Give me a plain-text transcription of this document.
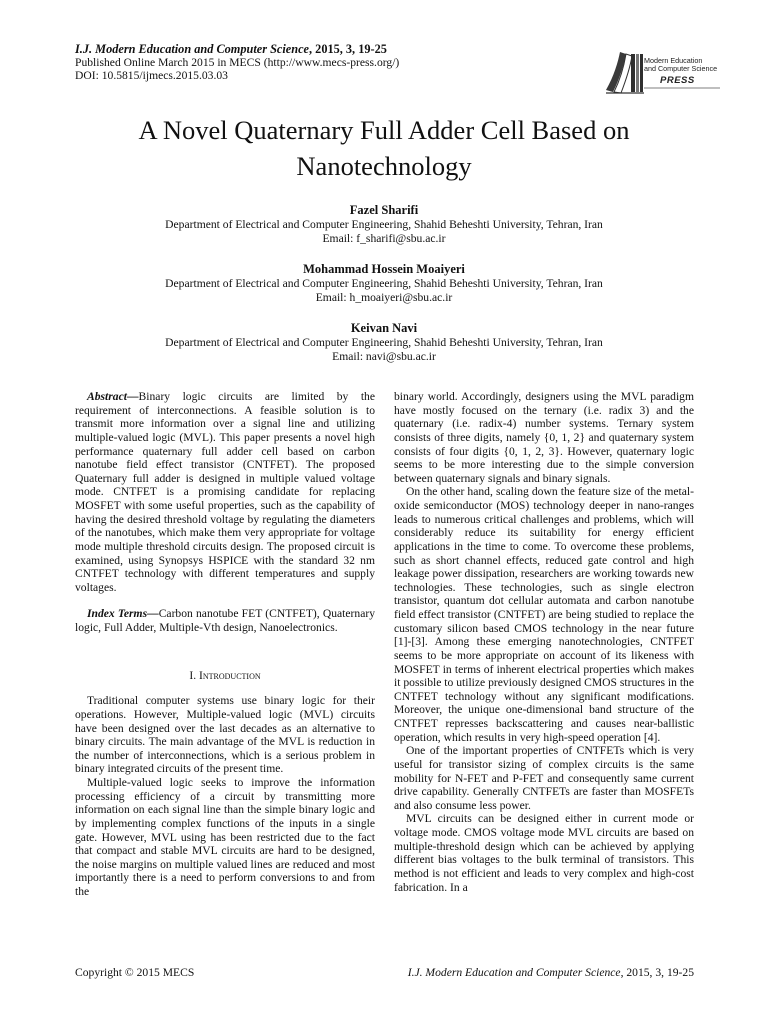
I.J. Modern Education and Computer Science, 2015, 3, 19-25
Published Online March 2015 in MECS (http://www.mecs-press.org/)
DOI: 10.5815/ijmecs.2015.03.03
Modern Education
and Computer Science
PRESS
A Novel Quaternary Full Adder Cell Based on
Nanotechnology
Fazel Sharifi
Department of Electrical and Computer Engineering, Shahid Beheshti University, Tehran, Iran
Email: f_sharifi@sbu.ac.ir
Mohammad Hossein Moaiyeri
Department of Electrical and Computer Engineering, Shahid Beheshti University, Tehran, Iran
Email: h_moaiyeri@sbu.ac.ir
Keivan Navi
Department of Electrical and Computer Engineering, Shahid Beheshti University, Tehran, Iran
Email: navi@sbu.ac.ir

Abstract—Binary logic circuits are limited by the requirement of interconnections. A feasible solution is to transmit more information over a signal line and utilizing multiple-valued logic (MVL). This paper presents a novel high performance quaternary full adder cell based on carbon nanotube field effect transistor (CNTFET). The proposed Quaternary full adder is designed in multiple valued voltage mode. CNTFET is a promising candidate for replacing MOSFET with some useful properties, such as the capability of having the desired threshold voltage by regulating the diameters of the nanotubes, which make them very appropriate for voltage mode multiple threshold circuits design. The proposed circuit is examined, using Synopsys HSPICE with the standard 32 nm CNTFET technology with different temperatures and supply voltages.

Index Terms—Carbon nanotube FET (CNTFET), Quaternary logic, Full Adder, Multiple-Vth design, Nanoelectronics.

I. Introduction

Traditional computer systems use binary logic for their operations. However, Multiple-valued logic (MVL) circuits have been designed over the last decades as an alternative to binary circuits. The main advantage of the MVL is reduction in the number of interconnections, which is a serious problem in binary integrated circuits of the present time.

Multiple-valued logic seeks to improve the information processing efficiency of a circuit by transmitting more information on each signal line than the simple binary logic and by implementing complex functions of the inputs in a single gate. However, MVL using has been restricted due to the fact that compact and stable MVL circuits are hard to be designed, the noise margins on multiple valued lines are reduced and most importantly there is a need to perform conversions to and from the

binary world. Accordingly, designers using the MVL paradigm have mostly focused on the ternary (i.e. radix 3) and the quaternary (i.e. radix-4) number systems. Ternary system consists of three digits, namely {0, 1, 2} and quaternary system consists of four digits {0, 1, 2, 3}. However, quaternary logic seems to be more interesting due to the simple conversion between quaternary signals and binary signals.

On the other hand, scaling down the feature size of the metal-oxide semiconductor (MOS) technology deeper in nano-ranges leads to numerous critical challenges and problems, which will considerably reduce its suitability for energy efficient applications in the time to come. To overcome these problems, such as short channel effects, reduced gate control and high leakage power dissipation, researchers are working towards new technologies. These technologies, such as single electron transistor, quantum dot cellular automata and carbon nanotube field effect transistor (CNTFET) are being studied to replace the customary silicon based CMOS technology in the near future [1]-[3]. Among these emerging nanotechnologies, CNTFET seems to be more appropriate on account of its likeness with MOSFET in terms of inherent electrical properties which makes it possible to utilize previously designed CMOS structures in the CNTFET technology without any significant modifications. Moreover, the unique one-dimensional band structure of the CNTFET represses backscattering and causes near-ballistic operation, which results in very high-speed operation [4].

One of the important properties of CNTFETs which is very useful for transistor sizing of complex circuits is the same mobility for N-FET and P-FET and consequently same current drive capability. Generally CNTFETs are faster than MOSFETs and also consume less power.

MVL circuits can be designed either in current mode or voltage mode. CMOS voltage mode MVL circuits are based on multiple-threshold design which can be achieved by applying different bias voltages to the bulk terminal of transistors. This method is not efficient and leads to very complex and high-cost fabrication. In a

Copyright © 2015 MECS	I.J. Modern Education and Computer Science, 2015, 3, 19-25
